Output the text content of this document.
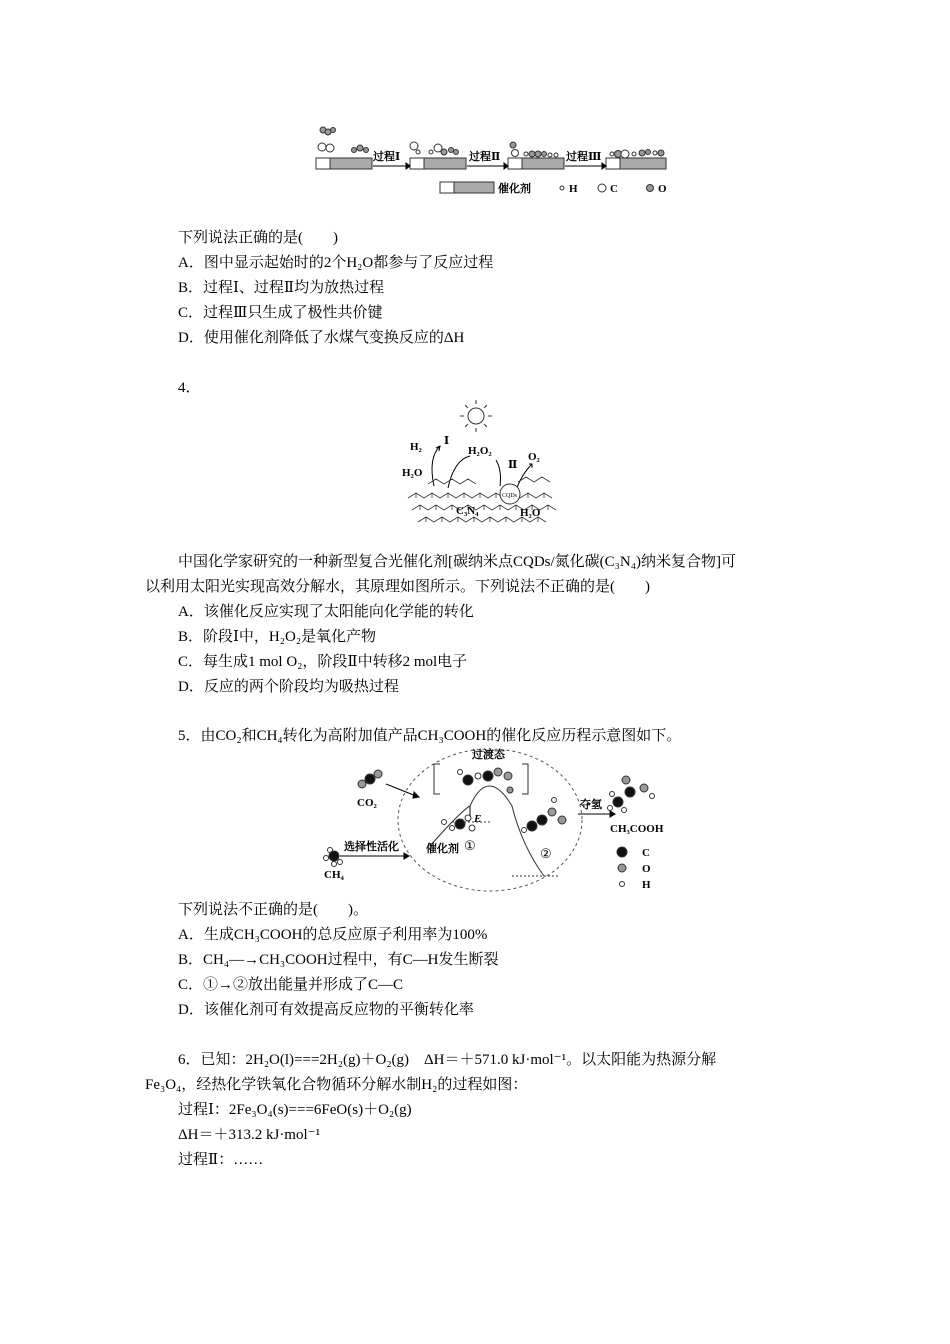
过程Ⅰ	过程Ⅱ	过程Ⅲ
催化剂	H	C	O
下列说法正确的是(　　)
A．图中显示起始时的2个H₂O都参与了反应过程
B．过程Ⅰ、过程Ⅱ均为放热过程
C．过程Ⅲ只生成了极性共价键
D．使用催化剂降低了水煤气变换反应的ΔH
4．
H₂ Ⅰ
H₂O₂
Ⅱ
O₂
H₂O
CQDs
C₃N₄	H₂O
中国化学家研究的一种新型复合光催化剂[碳纳米点CQDs/氮化碳(C₃N₄)纳米复合物]可
以利用太阳光实现高效分解水，其原理如图所示。下列说法不正确的是(　　)
A．该催化反应实现了太阳能向化学能的转化
B．阶段Ⅰ中，H₂O₂是氧化产物
C．每生成1 mol O₂，阶段Ⅱ中转移2 mol电子
D．反应的两个阶段均为吸热过程
5．由CO₂和CH₄转化为高附加值产品CH₃COOH的催化反应历程示意图如下。
CO₂
CH₄
选择性活化
过渡态
E
催化剂 ①
②
夺氢
CH₃COOH
C
O
H
下列说法不正确的是(　　)。
A．生成CH₃COOH的总反应原子利用率为100%
B．CH₄―→CH₃COOH过程中，有C—H发生断裂
C．①→②放出能量并形成了C—C
D．该催化剂可有效提高反应物的平衡转化率
6．已知：2H₂O(l)===2H₂(g)＋O₂(g)　ΔH＝＋571.0 kJ·mol⁻¹。以太阳能为热源分解
Fe₃O₄，经热化学铁氧化合物循环分解水制H₂的过程如图：
过程Ⅰ：2Fe₃O₄(s)===6FeO(s)＋O₂(g)
ΔH＝＋313.2 kJ·mol⁻¹
过程Ⅱ：……
